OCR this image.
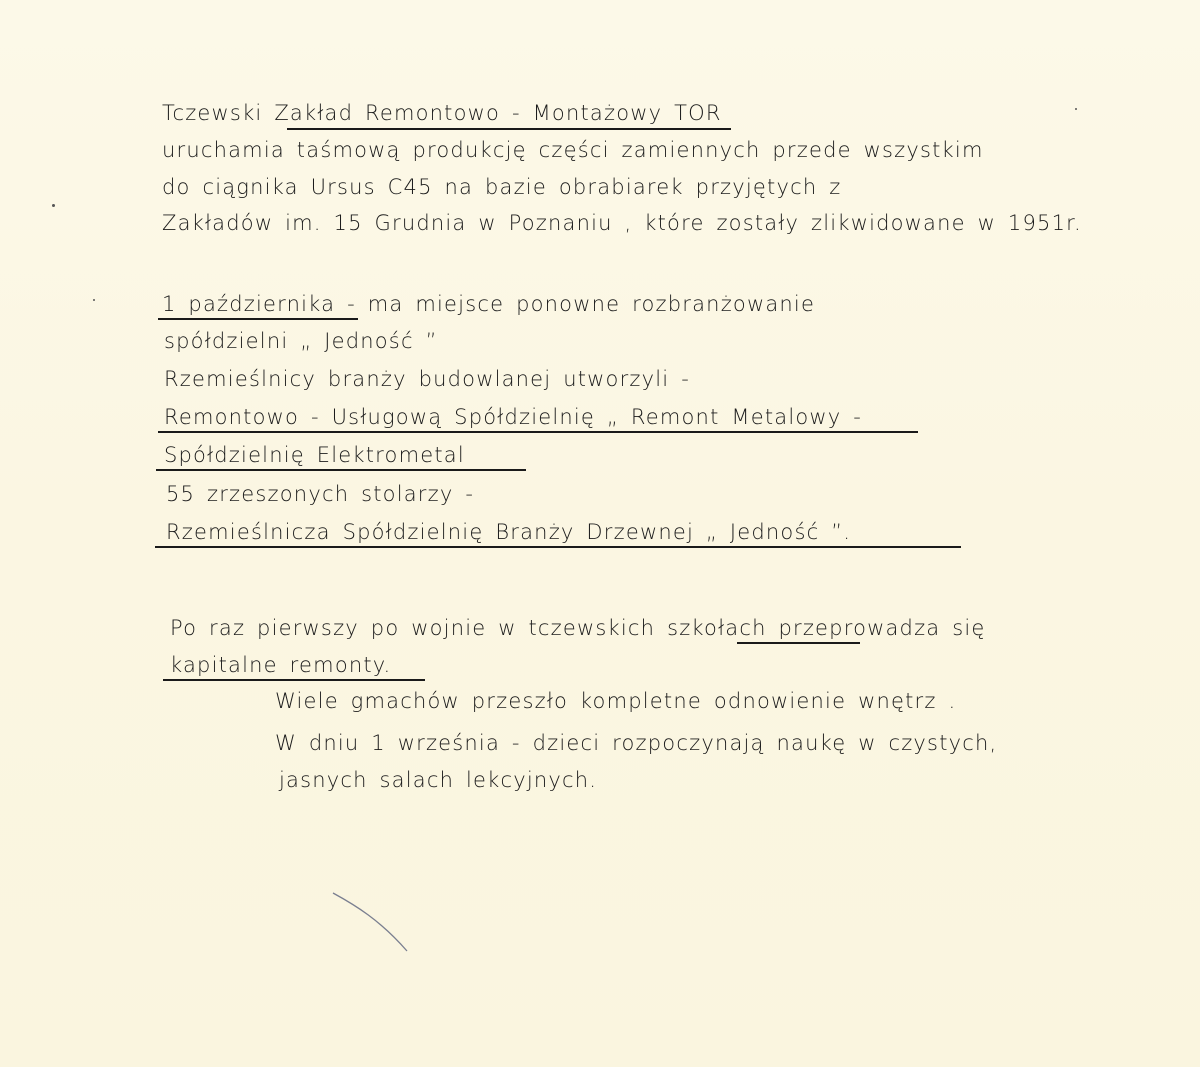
Tczewski Zakład Remontowo - Montażowy TOR
uruchamia taśmową produkcję części zamiennych przede wszystkim
do ciągnika Ursus C45 na bazie obrabiarek przyjętych z
Zakładów im. 15 Grudnia w Poznaniu , które zostały zlikwidowane w 1951r.
1 października - ma miejsce ponowne rozbranżowanie
spółdzielni „ Jedność ”
Rzemieślnicy branży budowlanej utworzyli -
Remontowo - Usługową Spółdzielnię „ Remont Metalowy -
Spółdzielnię Elektrometal
55 zrzeszonych stolarzy -
Rzemieślnicza Spółdzielnię Branży Drzewnej „ Jedność ”.
Po raz pierwszy po wojnie w tczewskich szkołach przeprowadza się
kapitalne remonty.
Wiele gmachów przeszło kompletne odnowienie wnętrz .
W dniu 1 września - dzieci rozpoczynają naukę w czystych,
jasnych salach lekcyjnych.
